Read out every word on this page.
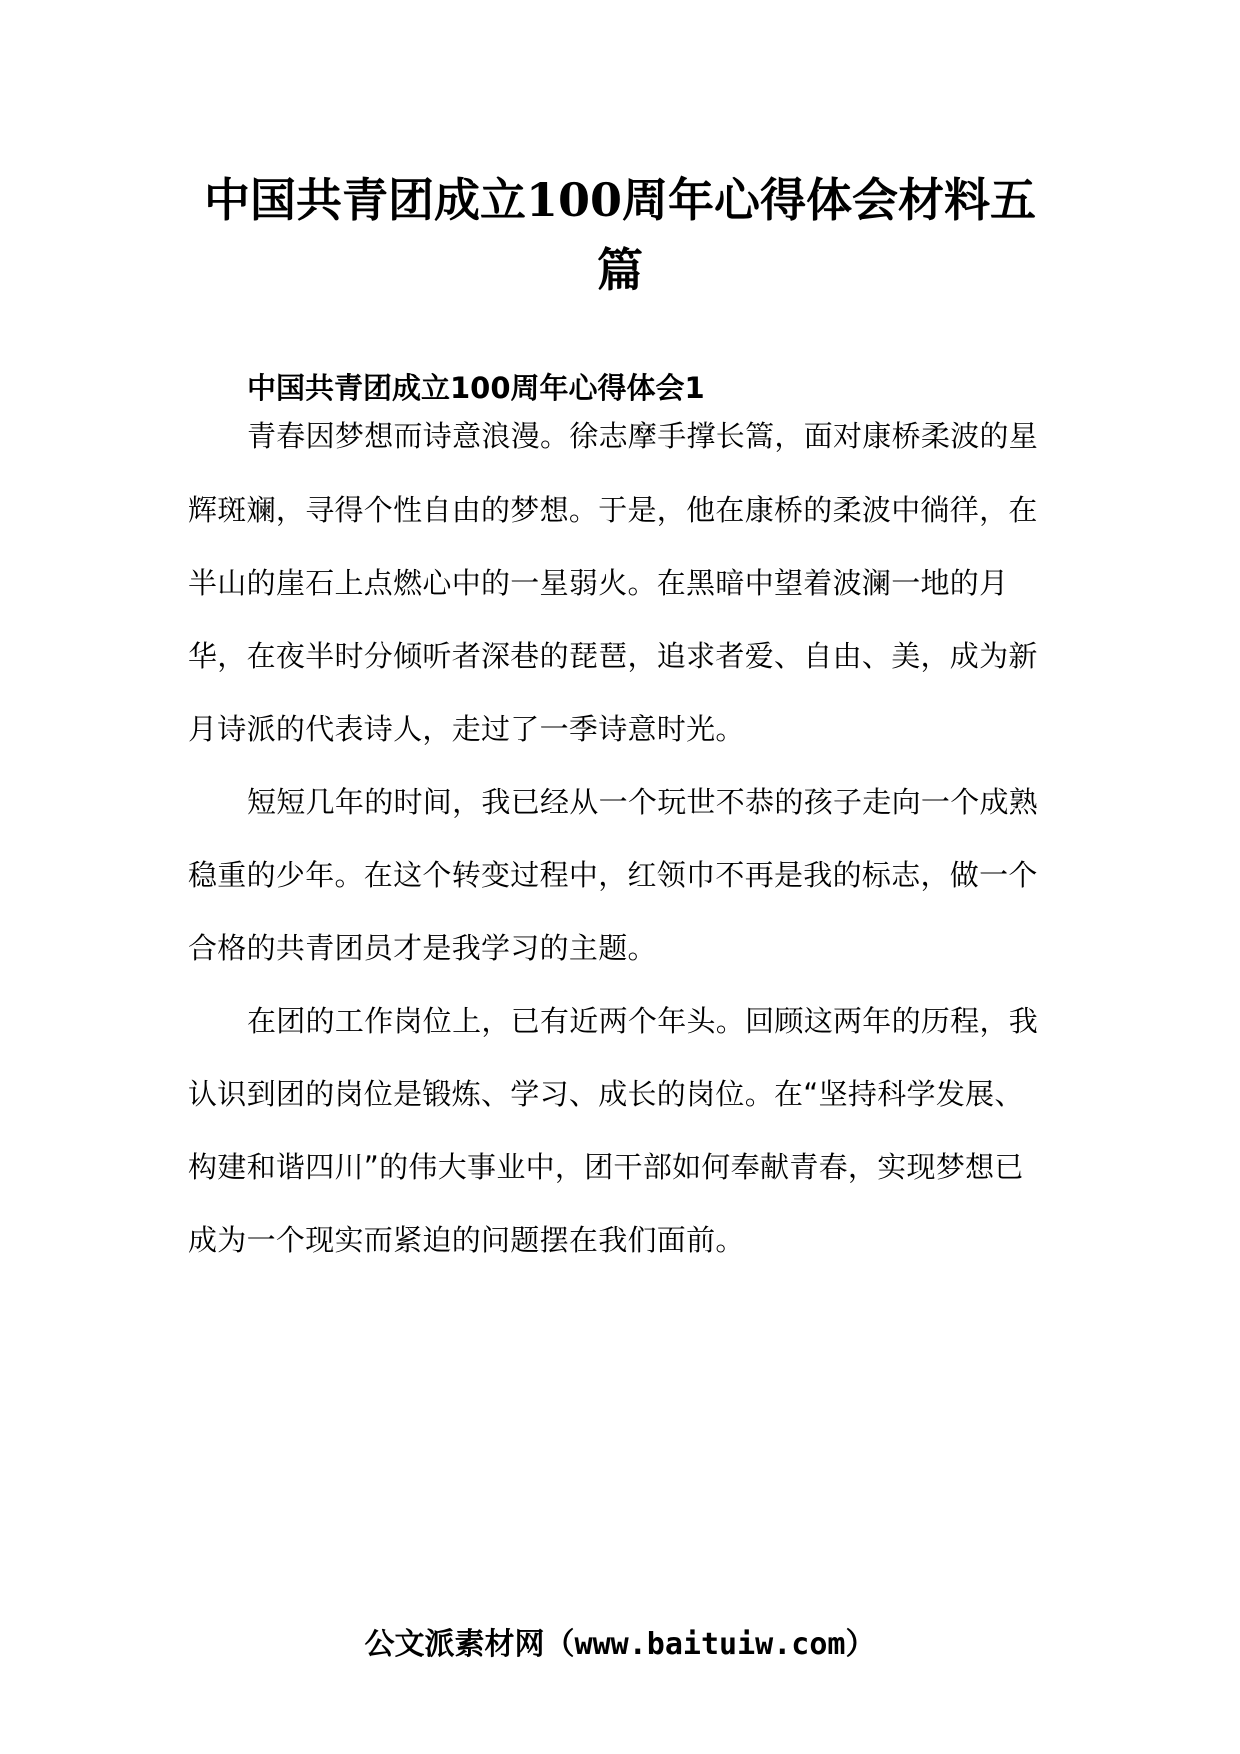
中国共青团成立100周年心得体会材料五
篇
中国共青团成立100周年心得体会1

青春因梦想而诗意浪漫。徐志摩手撑长篙，面对康桥柔波的星

辉斑斓，寻得个性自由的梦想。于是，他在康桥的柔波中徜徉，在

半山的崖石上点燃心中的一星弱火。在黑暗中望着波澜一地的月

华，在夜半时分倾听者深巷的琵琶，追求者爱、自由、美，成为新

月诗派的代表诗人，走过了一季诗意时光。

短短几年的时间，我已经从一个玩世不恭的孩子走向一个成熟

稳重的少年。在这个转变过程中，红领巾不再是我的标志，做一个

合格的共青团员才是我学习的主题。

在团的工作岗位上，已有近两个年头。回顾这两年的历程，我

认识到团的岗位是锻炼、学习、成长的岗位。在“坚持科学发展、

构建和谐四川”的伟大事业中，团干部如何奉献青春，实现梦想已

成为一个现实而紧迫的问题摆在我们面前。

公文派素材网（www.baituiw.com）
